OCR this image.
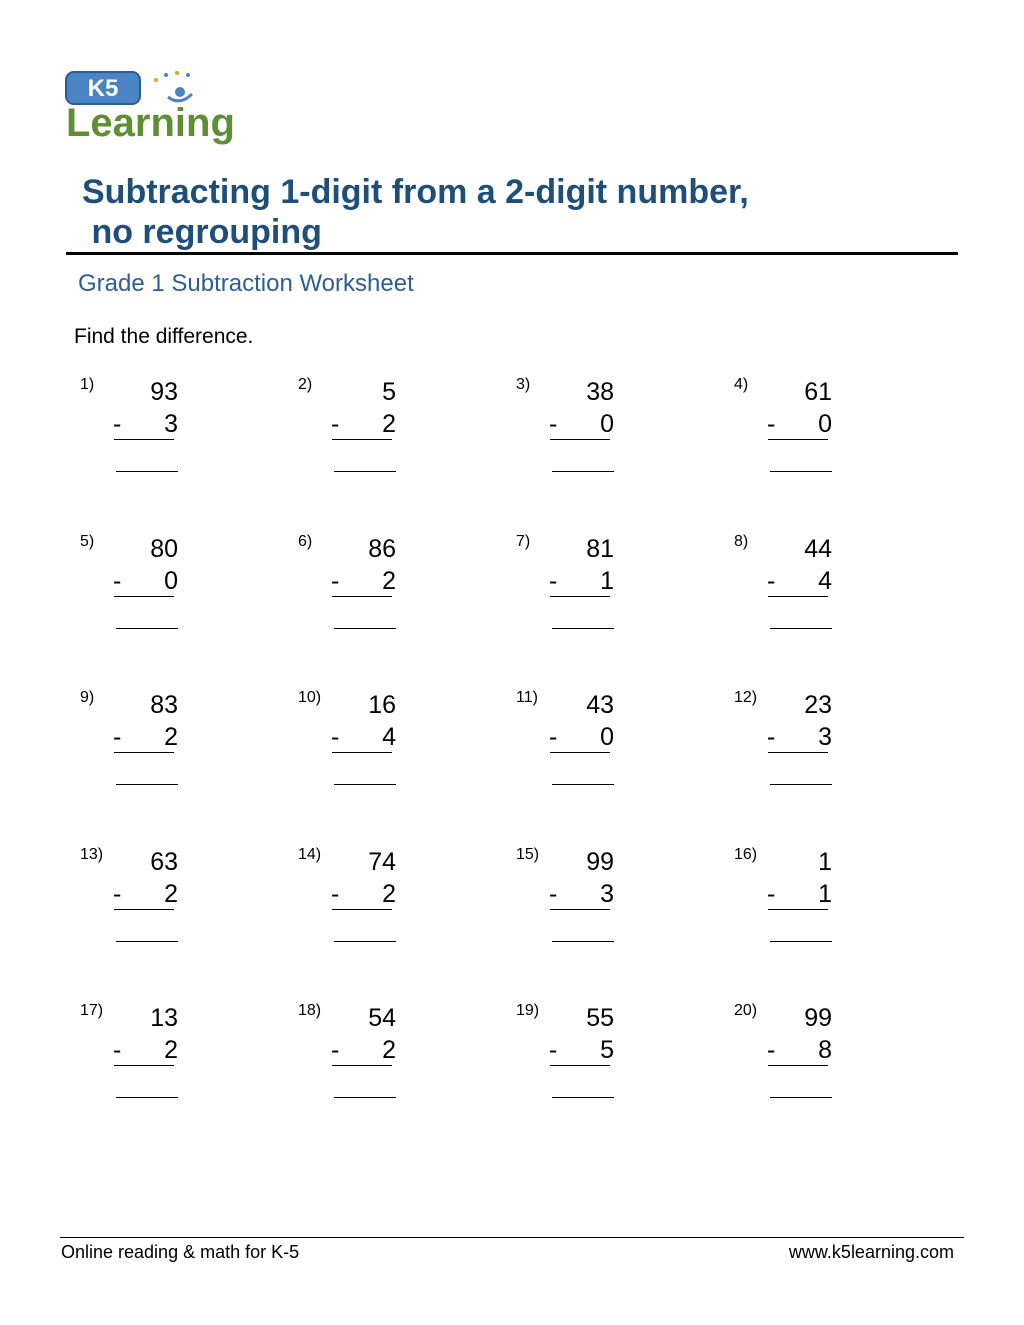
K5
Learning
Subtracting 1-digit from a 2-digit number,
no regrouping
Grade 1 Subtraction Worksheet
Find the difference.
1) 93
- 3
2)	5
- 2
3) 38
- 0
4) 61
- 0
5) 80
- 0
6) 86
- 2
7) 81
- 1
8) 44
- 4
9) 83
- 2
10) 16
- 4
11) 43
- 0
12) 23
- 3
13) 63
- 2
14) 74
- 2
15) 99
- 3
16) 1
- 1
17) 13
- 2
18) 54
- 2
19) 55
- 5
20) 99
- 8
Online reading & math for K-5	www.k5learning.com
